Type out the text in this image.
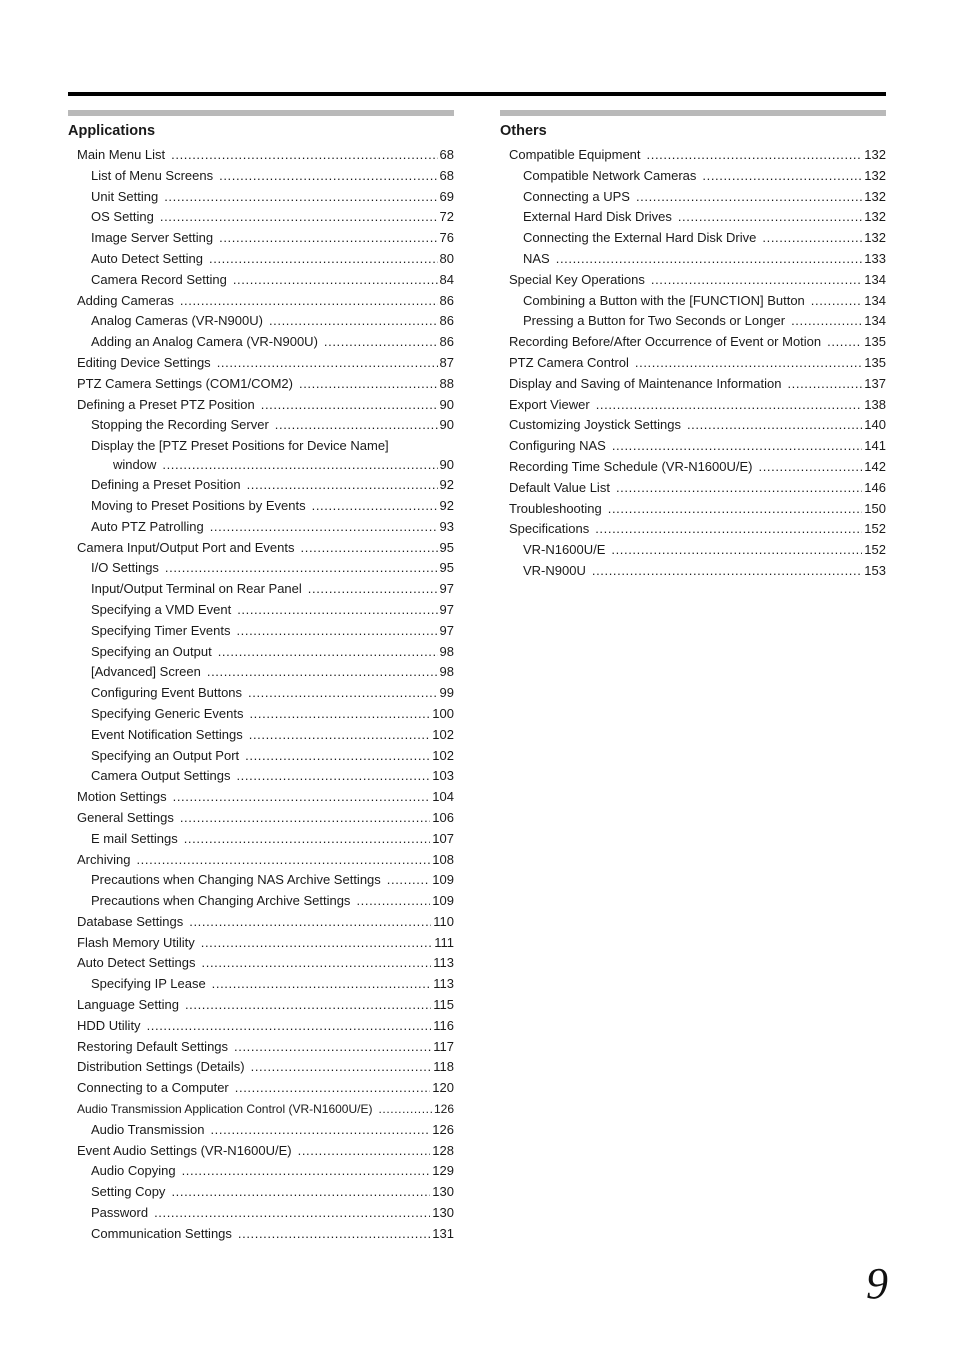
Applications
Main Menu List .....	68
List of Menu Screens .....	68
Unit Setting .....	69
OS Setting .....	72
Image Server Setting .....	76
Auto Detect Setting .....	80
Camera Record Setting .....	84
Adding Cameras .....	86
Analog Cameras (VR-N900U) .....	86
Adding an Analog Camera (VR-N900U) .....	86
Editing Device Settings .....	87
PTZ Camera Settings (COM1/COM2) .....	88
Defining a Preset PTZ Position .....	90
Stopping the Recording Server .....	90
Display the [PTZ Preset Positions for Device Name]
window .....	90
Defining a Preset Position .....	92
Moving to Preset Positions by Events .....	92
Auto PTZ Patrolling .....	93
Camera Input/Output Port and Events .....	95
I/O Settings .....	95
Input/Output Terminal on Rear Panel .....	97
Specifying a VMD Event .....	97
Specifying Timer Events .....	97
Specifying an Output .....	98
[Advanced] Screen .....	98
Configuring Event Buttons .....	99
Specifying Generic Events .....	100
Event Notification Settings .....	102
Specifying an Output Port .....	102
Camera Output Settings .....	103
Motion Settings .....	104
General Settings .....	106
E mail Settings .....	107
Archiving .....	108
Precautions when Changing NAS Archive Settings .....	109
Precautions when Changing Archive Settings .....	109
Database Settings .....	110
Flash Memory Utility .....	111
Auto Detect Settings .....	113
Specifying IP Lease .....	113
Language Setting .....	115
HDD Utility .....	116
Restoring Default Settings .....	117
Distribution Settings (Details) .....	118
Connecting to a Computer .....	120
Audio Transmission Application Control (VR-N1600U/E) .....	126
Audio Transmission .....	126
Event Audio Settings (VR-N1600U/E) .....	128
Audio Copying .....	129
Setting Copy .....	130
Password .....	130
Communication Settings .....	131
Others
Compatible Equipment .....	132
Compatible Network Cameras .....	132
Connecting a UPS .....	132
External Hard Disk Drives .....	132
Connecting the External Hard Disk Drive .....	132
NAS .....	133
Special Key Operations .....	134
Combining a Button with the [FUNCTION] Button .....	134
Pressing a Button for Two Seconds or Longer .....	134
Recording Before/After Occurrence of Event or Motion .....	135
PTZ Camera Control .....	135
Display and Saving of Maintenance Information .....	137
Export Viewer .....	138
Customizing Joystick Settings .....	140
Configuring NAS .....	141
Recording Time Schedule (VR-N1600U/E) .....	142
Default Value List .....	146
Troubleshooting .....	150
Specifications .....	152
VR-N1600U/E .....	152
VR-N900U .....	153
9
